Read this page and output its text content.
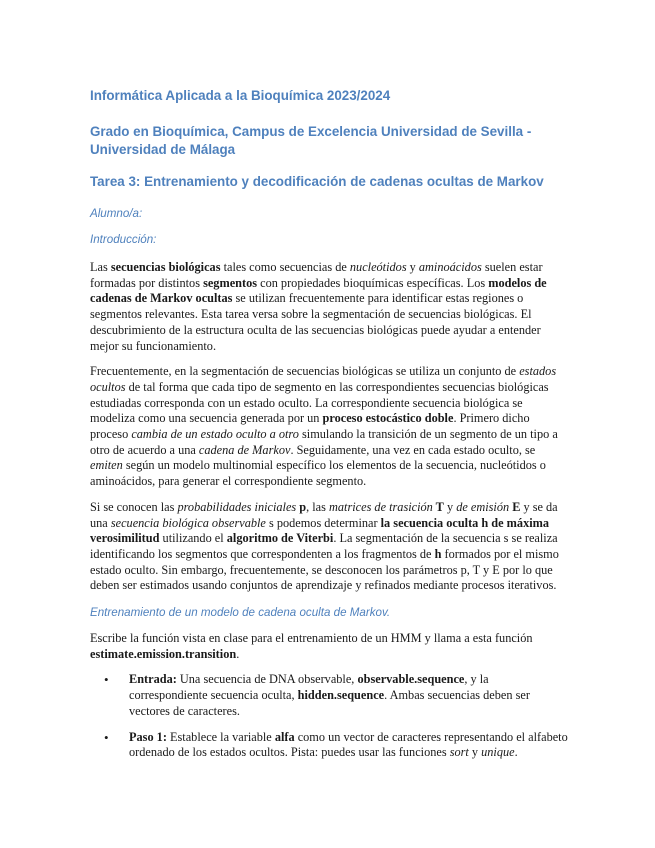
Informática Aplicada a la Bioquímica 2023/2024
Grado en Bioquímica, Campus de Excelencia Universidad de Sevilla - Universidad de Málaga
Tarea 3: Entrenamiento y decodificación de cadenas ocultas de Markov
Alumno/a:
Introducción:

Las secuencias biológicas tales como secuencias de nucleótidos y aminoácidos suelen estar formadas por distintos segmentos con propiedades bioquímicas específicas. Los modelos de cadenas de Markov ocultas se utilizan frecuentemente para identificar estas regiones o segmentos relevantes. Esta tarea versa sobre la segmentación de secuencias biológicas. El descubrimiento de la estructura oculta de las secuencias biológicas puede ayudar a entender mejor su funcionamiento.

Frecuentemente, en la segmentación de secuencias biológicas se utiliza un conjunto de estados ocultos de tal forma que cada tipo de segmento en las correspondientes secuencias biológicas estudiadas corresponda con un estado oculto. La correspondiente secuencia biológica se modeliza como una secuencia generada por un proceso estocástico doble. Primero dicho proceso cambia de un estado oculto a otro simulando la transición de un segmento de un tipo a otro de acuerdo a una cadena de Markov. Seguidamente, una vez en cada estado oculto, se emiten según un modelo multinomial específico los elementos de la secuencia, nucleótidos o aminoácidos, para generar el correspondiente segmento.

Si se conocen las probabilidades iniciales p, las matrices de trasición T y de emisión E y se da una secuencia biológica observable s podemos determinar la secuencia oculta h de máxima verosimilitud utilizando el algoritmo de Viterbi. La segmentación de la secuencia s se realiza identificando los segmentos que correspondenten a los fragmentos de h formados por el mismo estado oculto. Sin embargo, frecuentemente, se desconocen los parámetros p, T y E por lo que deben ser estimados usando conjuntos de aprendizaje y refinados mediante procesos iterativos.

Entrenamiento de un modelo de cadena oculta de Markov.

Escribe la función vista en clase para el entrenamiento de un HMM y llama a esta función estimate.emission.transition.

• Entrada: Una secuencia de DNA observable, observable.sequence, y la correspondiente secuencia oculta, hidden.sequence. Ambas secuencias deben ser vectores de caracteres.
• Paso 1: Establece la variable alfa como un vector de caracteres representando el alfabeto ordenado de los estados ocultos. Pista: puedes usar las funciones sort y unique.
